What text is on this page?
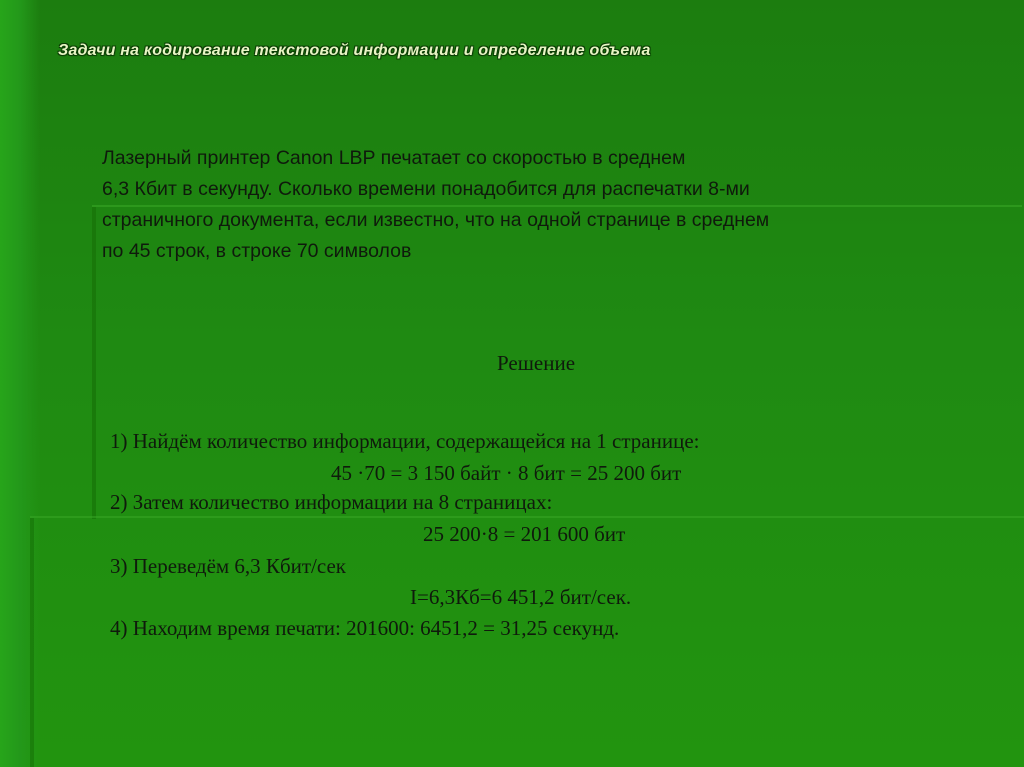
Задачи на кодирование текстовой информации и определение объема
Лазерный принтер Canon LBP печатает со скоростью в среднем
6,3 Кбит в секунду. Сколько времени понадобится для распечатки 8-ми
страничного документа, если известно, что на одной странице в среднем
по 45 строк, в строке 70 символов
Решение
1) Найдём количество информации, содержащейся на 1 странице:
45 ·70 = 3 150 байт · 8 бит = 25 200 бит
2) Затем количество информации на 8 страницах:
25 200·8 = 201 600 бит
3) Переведём 6,3 Кбит/сек
I=6,3Кб=6 451,2 бит/сек.
4) Находим время печати: 201600: 6451,2 = 31,25 секунд.
